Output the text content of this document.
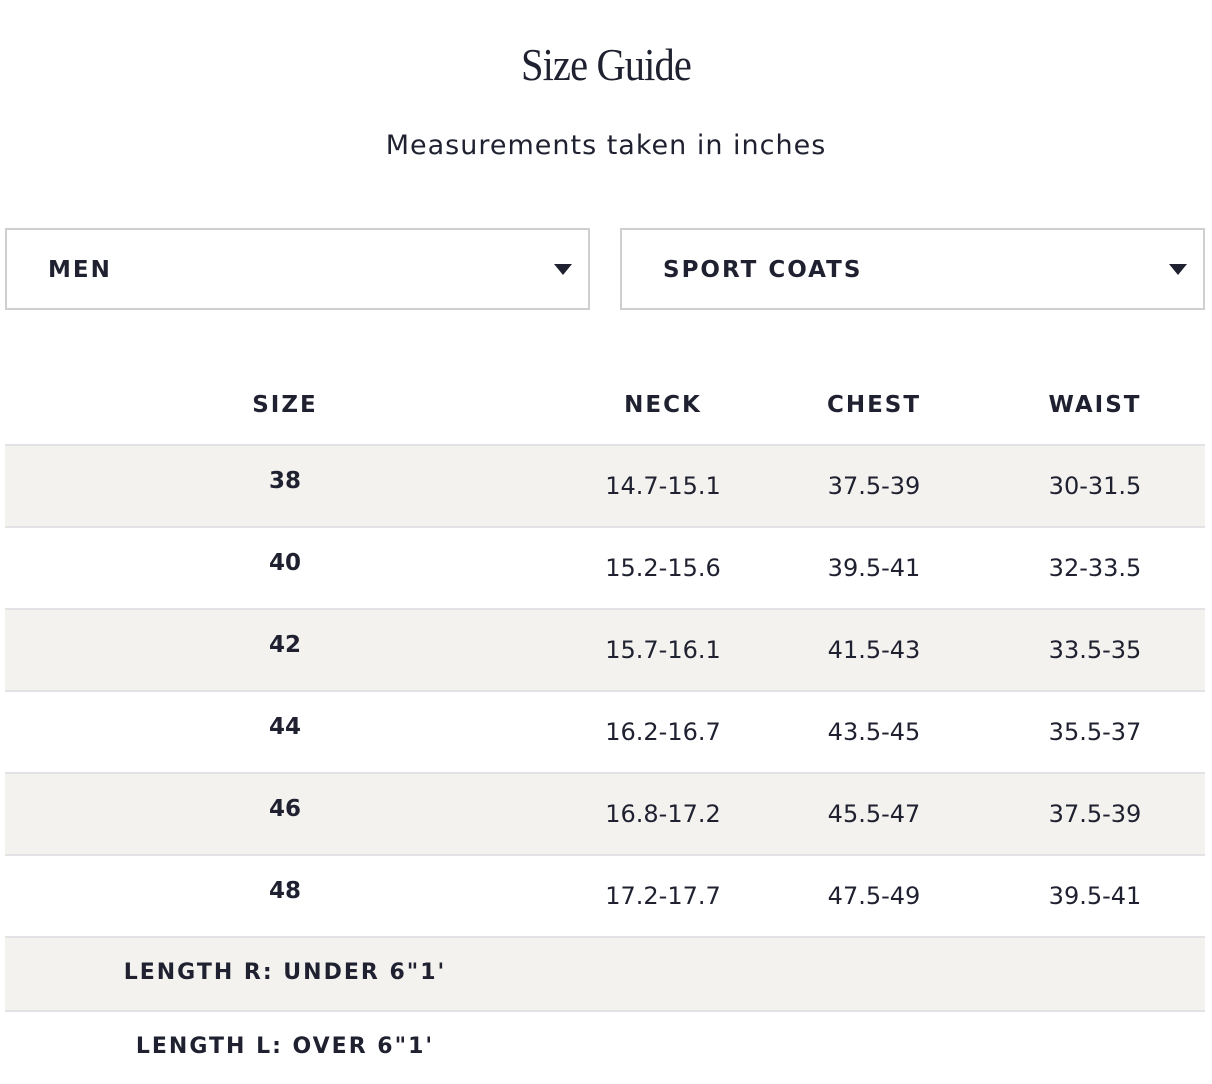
Size Guide
Measurements taken in inches
MEN	SPORT COATS
SIZE	NECK	CHEST	WAIST
38	14.7-15.1	37.5-39	30-31.5
40	15.2-15.6	39.5-41	32-33.5
42	15.7-16.1	41.5-43	33.5-35
44	16.2-16.7	43.5-45	35.5-37
46	16.8-17.2	45.5-47	37.5-39
48	17.2-17.7	47.5-49	39.5-41
LENGTH R: UNDER 6"1'
LENGTH L: OVER 6"1'
